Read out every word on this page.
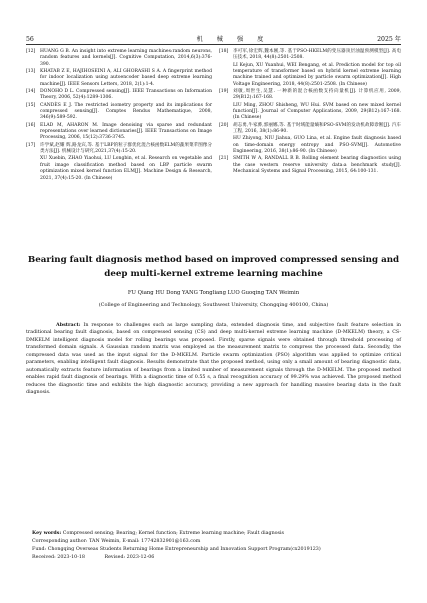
56	机 械 强 度	2025 年
[12]	HUANG G B. An insight into extreme learning machines:random neurons, random features and kernels[J]. Cognitive Computation, 2014,6(3):376-390.
[13]	KHATAB Z E, HAJIHOSEINI A, ALI GHORASHI S A. A fingerprint method for indoor localization using autoencoder based deep extreme learning machine[J]. IEEE Sensors Letters, 2018, 2(1):1-4.
[14]	DONOHO D L. Compressed sensing[J]. IEEE Transactions on Information Theory, 2006, 52(4):1289-1306.
[15]	CANDÈS E J. The restricted isometry property and its implications for compressed sensing[J]. Comptes Rendus Mathematique, 2008, 346(9):589-592.
[16]	ELAD M, AHARON M. Image denoising via sparse and redundant representations over learned dictionaries[J]. IEEE Transactions on Image Processing, 2006, 15(12):3736-3745.
[17]	许学斌,赵耀 辉,路龙宾,等. 基于LBP的粒子群优化混合核函数ELM的蔬果菜苹图像分类方法[J]. 机械设计与研究,2021,37(4):15-20.
XU Xuebin, ZHAO Yiaohui, LU Longbin, et al. Research on vegetable and fruit image classification method based on LBP particle swarm optimization mixed kernel function ELM[J]. Machine Design & Research, 2021, 37(4):15-20. (In Chinese)
[18]	李可军,徐宏辉,魏本刚,等. 基于PSO-HKELM的变压器顶层油温预测模型[J]. 高电压技术, 2018, 44(8):2501-2508.
LI Kejun, XU Yuanhui, WEI Bengang, et al. Prediction model for top oil temperature of transformer based on hybrid kernel extreme learning machine trained and optimized by particle swarm optimization[J]. High Voltage Engineering, 2018, 44(8):2501-2508. (In Chinese)
[19]	刘敏,周世生,吴慧. 一种新的混合核函数支持向量机[J]. 计算机应用, 2009, 29(B12):167-168.
LIU Ming, ZHOU Shisheng, WU Hui. SVM based on new mixed kernel function[J]. Journal of Computer Applications, 2009, 29(B12):167-168. (In Chinese)
[20]	胡志勇,牛家骅,郭丽娜,等. 基于时域能量熵和PSO-SVM的发动机故障诊断[J]. 汽车工程, 2016, 38(1):86-90.
HU Zhiyong, NIU Jiahua, GUO Lina, et al. Engine fault diagnosis based on time-domain energy entropy and PSO-SVM[J]. Automotive Engineering, 2016, 38(1):86-90. (In Chinese)
[21]	SMITH W A, RANDALL R B. Rolling element bearing diagnostics using the case western reserve university data:a benchmark study[J]. Mechanical Systems and Signal Processing, 2015, 64:100-131.
Bearing fault diagnosis method based on improved compressed sensing and deep multi-kernel extreme learning machine
FU Qiang HU Dong YANG Tongliang LUO Guoqing TAN Weimin
(College of Engineering and Technology, Southwest University, Chongqing 400100, China)
Abstract: In response to challenges such as large sampling data, extended diagnosis time, and subjective fault feature selection in traditional bearing fault diagnosis, based on compressed sensing (CS) and deep multi-kernel extreme learning machine (D-MKELM) theory, a CS-DMKELM intelligent diagnosis model for rolling bearings was proposed. Firstly, sparse signals were obtained through threshold processing of transformed domain signals. A Gaussian random matrix was employed as the measurement matrix to compress the processed data. Secondly, the compressed data was used as the input signal for the D-MKELM. Particle swarm optimization (PSO) algorithm was applied to optimize critical parameters, enabling intelligent fault diagnosis. Results demonstrate that the proposed method, using only a small amount of bearing diagnostic data, automatically extracts feature information of bearings from a limited number of measurement signals through the D-MKELM. The proposed method enables rapid fault diagnosis of bearings. With a diagnostic time of 0.55 s, a final recognition accuracy of 99.29% was achieved. The proposed method reduces the diagnostic time and exhibits the high diagnostic accuracy, providing a new approach for handling massive bearing data in the fault diagnosis.
Key words: Compressed sensing; Bearing; Kernel function; Extreme learning machine; Fault diagnosis
Corresponding author: TAN Weimin, E-mail: 17742832901@163.com
Fund: Chongqing Overseas Students Returning Home Entrepreneurship and Innovation Support Program(cx2019123)
Received: 2023-10-18	Revised: 2023-12-06
